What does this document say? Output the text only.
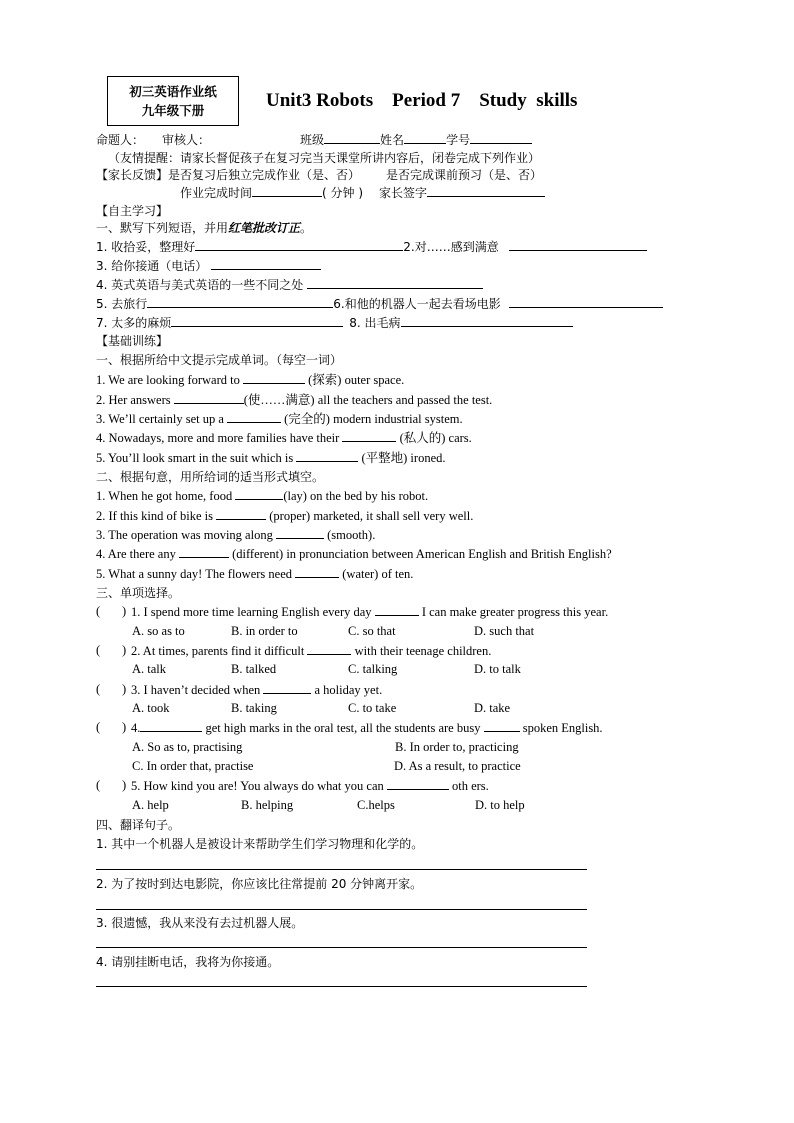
初三英语作业纸
九年级下册	Unit3 Robots    Period 7    Study  skills
命题人： 审核人：	班级	姓名	学号
（友情提醒：请家长督促孩子在复习完当天课堂所讲内容后，闭卷完成下列作业）
【家长反馈】是否复习后独立完成作业（是、否） 是否完成课前预习（是、否）
作业完成时间	( 分钟 ) 家长签字
【自主学习】
一、默写下列短语，并用红笔批改订正。
1. 收拾妥，整理好	2.对……感到满意
3. 给你接通（电话）
4. 英式英语与美式英语的一些不同之处
5. 去旅行	6.和他的机器人一起去看场电影
7. 太多的麻烦	8. 出毛病
【基础训练】
一、根据所给中文提示完成单词。（每空一词）
1. We are looking forward to	(探索) outer space.
2. Her answers	(使……满意) all the teachers and passed the test.
3. We’ll certainly set up a	(完全的) modern industrial system.
4. Nowadays, more and more families have their	(私人的) cars.
5. You’ll look smart in the suit which is	(平整地) ironed.
二、根据句意，用所给词的适当形式填空。
1. When he got home, food	(lay) on the bed by his robot.
2. If this kind of bike is	(proper) marketed, it shall sell very well.
3. The operation was moving along	(smooth).
4. Are there any	(different) in pronunciation between American English and British English?
5. What a sunny day! The flowers need	(water) of ten.
三、单项选择。
(       ) 1. I spend more time learning English every day	I can make greater progress this year.
A. so as to	B. in order to	C. so that	D. such that
(       ) 2. At times, parents find it difficult	with their teenage children.
A. talk	B. talked	C. talking	D. to talk
(       ) 3. I haven’t decided when	a holiday yet.
A. took	B. taking	C. to take	D. take
(       ) 4.	get high marks in the oral test, all the students are busy	spoken English.
A. So as to, practising	B. In order to, practicing
C. In order that, practise	D. As a result, to practice
(       ) 5. How kind you are! You always do what you can	oth ers.
A. help	B. helping	C.helps	D. to help
四、翻译句子。
1. 其中一个机器人是被设计来帮助学生们学习物理和化学的。
2. 为了按时到达电影院，你应该比往常提前 20 分钟离开家。
3. 很遗憾，我从来没有去过机器人展。
4. 请别挂断电话，我将为你接通。
